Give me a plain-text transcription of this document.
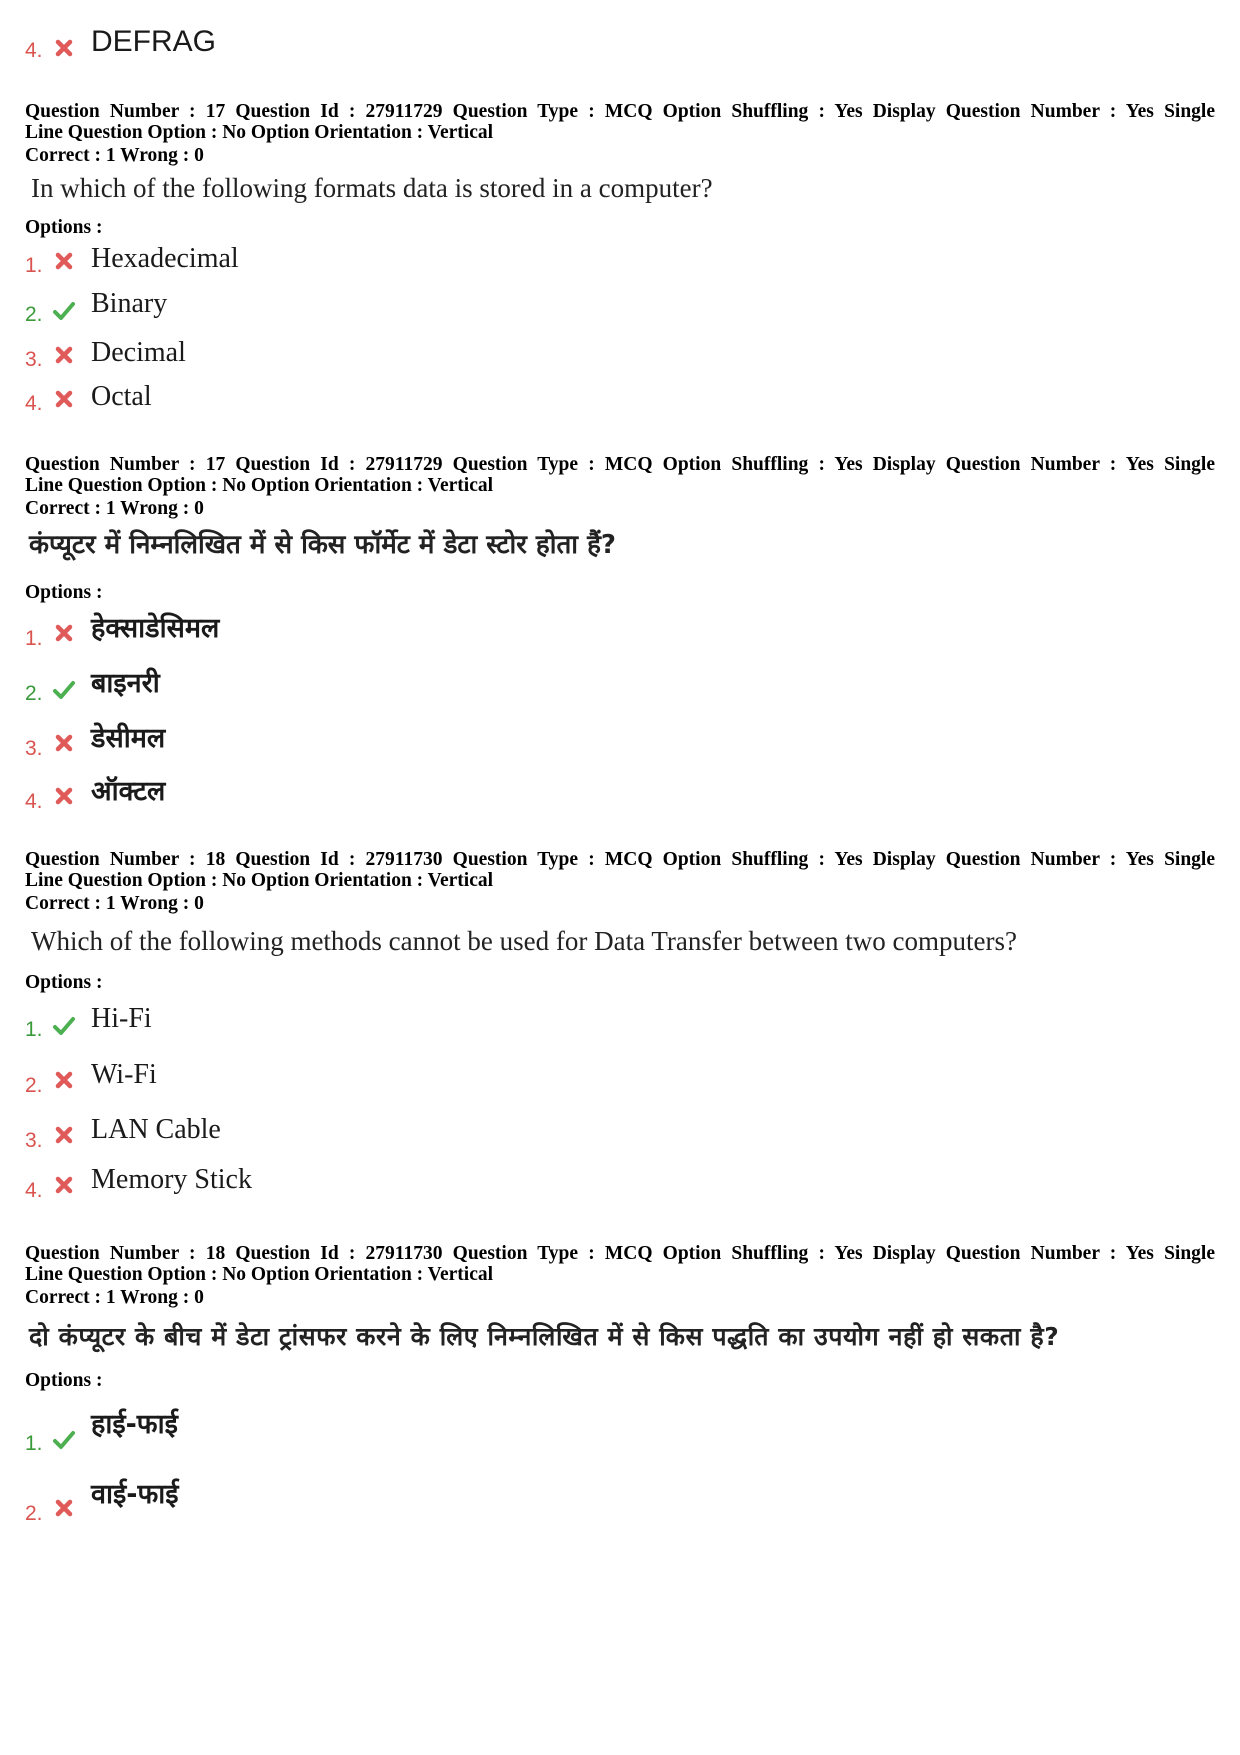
4. DEFRAG
Question Number : 17 Question Id : 27911729 Question Type : MCQ Option Shuffling : Yes Display Question Number : Yes Single
Line Question Option : No Option Orientation : Vertical
Correct : 1 Wrong : 0
In which of the following formats data is stored in a computer?
Options :
1. Hexadecimal
2. Binary
3. Decimal
4. Octal
Question Number : 17 Question Id : 27911729 Question Type : MCQ Option Shuffling : Yes Display Question Number : Yes Single
Line Question Option : No Option Orientation : Vertical
Correct : 1 Wrong : 0
कंप्यूटर में निम्नलिखित में से किस फॉर्मेट में डेटा स्टोर होता हैं?
Options :
1. हेक्साडेसिमल
2. बाइनरी
3. डेसीमल
4. ऑक्टल
Question Number : 18 Question Id : 27911730 Question Type : MCQ Option Shuffling : Yes Display Question Number : Yes Single
Line Question Option : No Option Orientation : Vertical
Correct : 1 Wrong : 0
Which of the following methods cannot be used for Data Transfer between two computers?
Options :
1. Hi-Fi
2. Wi-Fi
3. LAN Cable
4. Memory Stick
Question Number : 18 Question Id : 27911730 Question Type : MCQ Option Shuffling : Yes Display Question Number : Yes Single
Line Question Option : No Option Orientation : Vertical
Correct : 1 Wrong : 0
दो कंप्यूटर के बीच में डेटा ट्रांसफर करने के लिए निम्नलिखित में से किस पद्धति का उपयोग नहीं हो सकता है?
Options :
1.
हाई-फाई
2.
वाई-फाई
